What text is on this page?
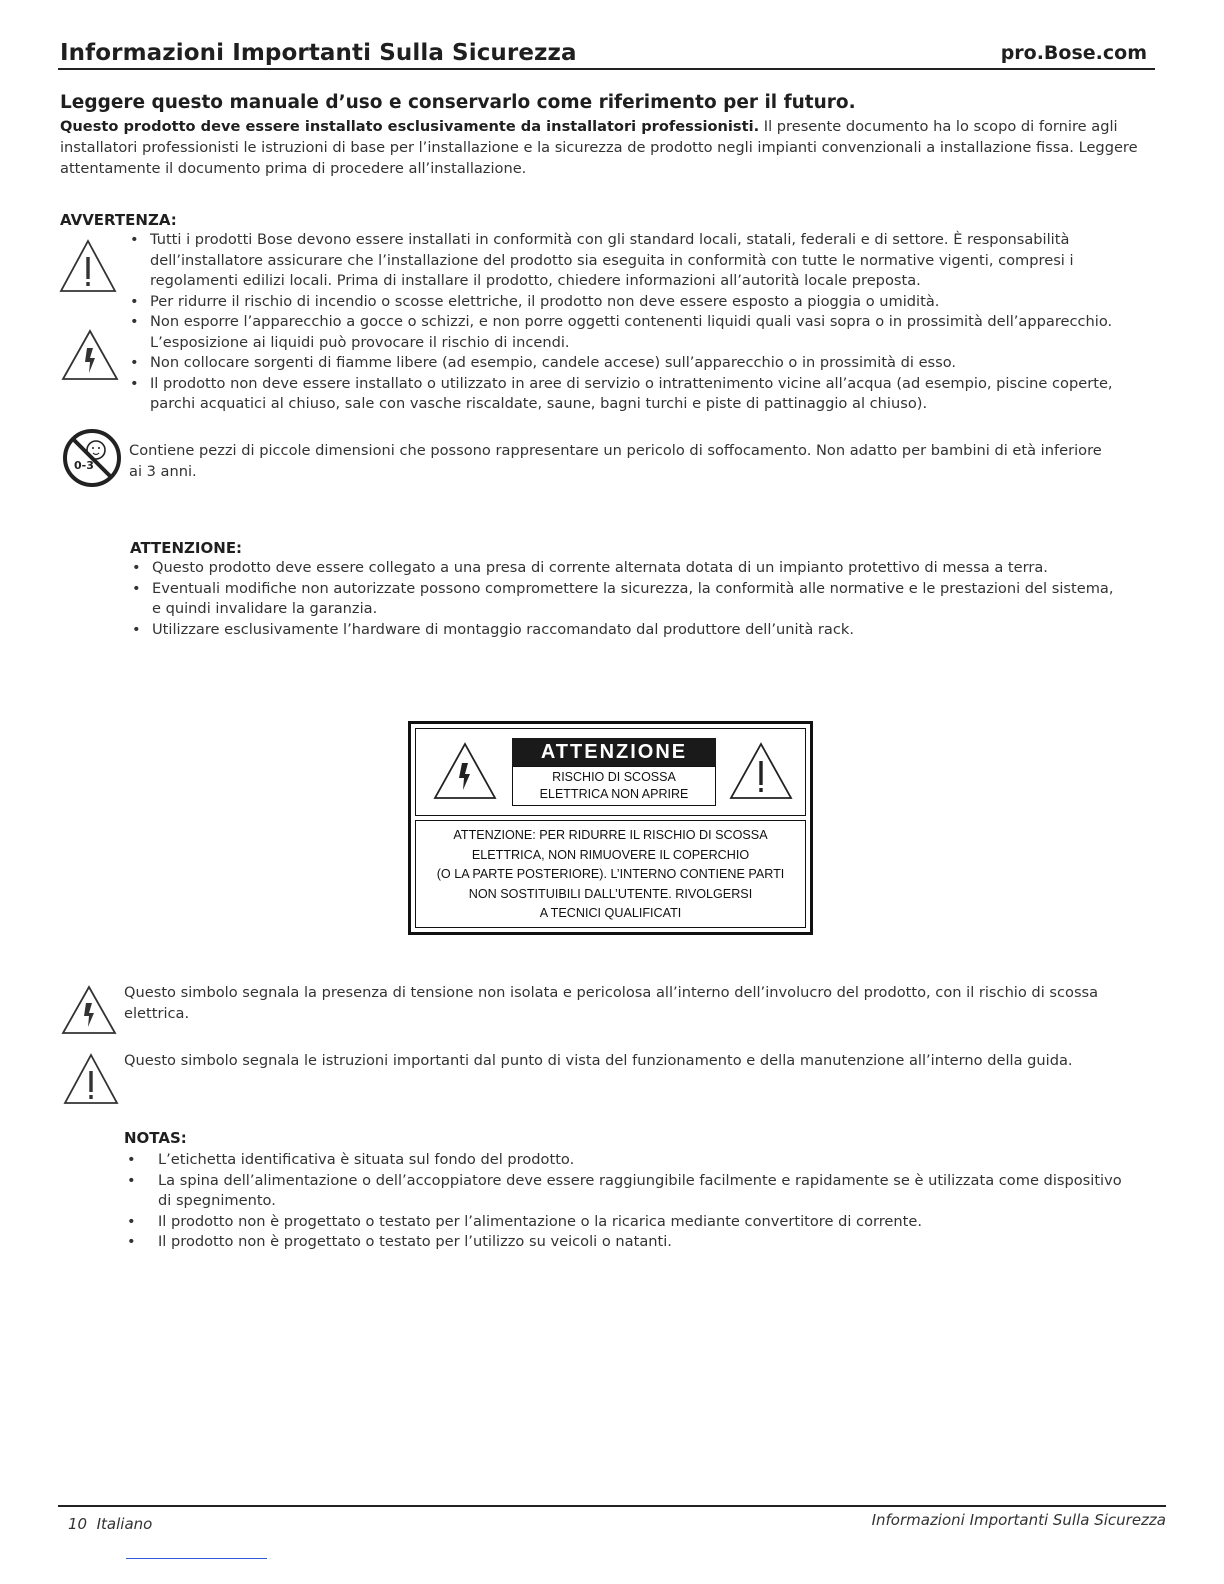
Informazioni Importanti Sulla Sicurezza	pro.Bose.com
Leggere questo manuale d’uso e conservarlo come riferimento per il futuro.
Questo prodotto deve essere installato esclusivamente da installatori professionisti. Il presente documento ha lo scopo di fornire agli installatori professionisti le istruzioni di base per l’installazione e la sicurezza de prodotto negli impianti convenzionali a installazione fissa. Leggere attentamente il documento prima di procedere all’installazione.
AVVERTENZA:
• Tutti i prodotti Bose devono essere installati in conformità con gli standard locali, statali, federali e di settore. È responsabilità dell’installatore assicurare che l’installazione del prodotto sia eseguita in conformità con tutte le normative vigenti, compresi i regolamenti edilizi locali. Prima di installare il prodotto, chiedere informazioni all’autorità locale preposta.
• Per ridurre il rischio di incendio o scosse elettriche, il prodotto non deve essere esposto a pioggia o umidità.
• Non esporre l’apparecchio a gocce o schizzi, e non porre oggetti contenenti liquidi quali vasi sopra o in prossimità dell’apparecchio. L’esposizione ai liquidi può provocare il rischio di incendi.
• Non collocare sorgenti di fiamme libere (ad esempio, candele accese) sull’apparecchio o in prossimità di esso.
• Il prodotto non deve essere installato o utilizzato in aree di servizio o intrattenimento vicine all’acqua (ad esempio, piscine coperte, parchi acquatici al chiuso, sale con vasche riscaldate, saune, bagni turchi e piste di pattinaggio al chiuso).
0-3
Contiene pezzi di piccole dimensioni che possono rappresentare un pericolo di soffocamento. Non adatto per bambini di età inferiore ai 3 anni.
ATTENZIONE:
• Questo prodotto deve essere collegato a una presa di corrente alternata dotata di un impianto protettivo di messa a terra.
• Eventuali modifiche non autorizzate possono compromettere la sicurezza, la conformità alle normative e le prestazioni del sistema, e quindi invalidare la garanzia.
• Utilizzare esclusivamente l’hardware di montaggio raccomandato dal produttore dell’unità rack.
ATTENZIONE
RISCHIO DI SCOSSA
ELETTRICA NON APRIRE
ATTENZIONE: PER RIDURRE IL RISCHIO DI SCOSSA
ELETTRICA, NON RIMUOVERE IL COPERCHIO
(O LA PARTE POSTERIORE). L’INTERNO CONTIENE PARTI
NON SOSTITUIBILI DALL’UTENTE. RIVOLGERSI
A TECNICI QUALIFICATI
Questo simbolo segnala la presenza di tensione non isolata e pericolosa all’interno dell’involucro del prodotto, con il rischio di scossa elettrica.
Questo simbolo segnala le istruzioni importanti dal punto di vista del funzionamento e della manutenzione all’interno della guida.
NOTAS:
• L’etichetta identificativa è situata sul fondo del prodotto.
• La spina dell’alimentazione o dell’accoppiatore deve essere raggiungibile facilmente e rapidamente se è utilizzata come dispositivo di spegnimento.
• Il prodotto non è progettato o testato per l’alimentazione o la ricarica mediante convertitore di corrente.
• Il prodotto non è progettato o testato per l’utilizzo su veicoli o natanti.
10  Italiano	Informazioni Importanti Sulla Sicurezza
